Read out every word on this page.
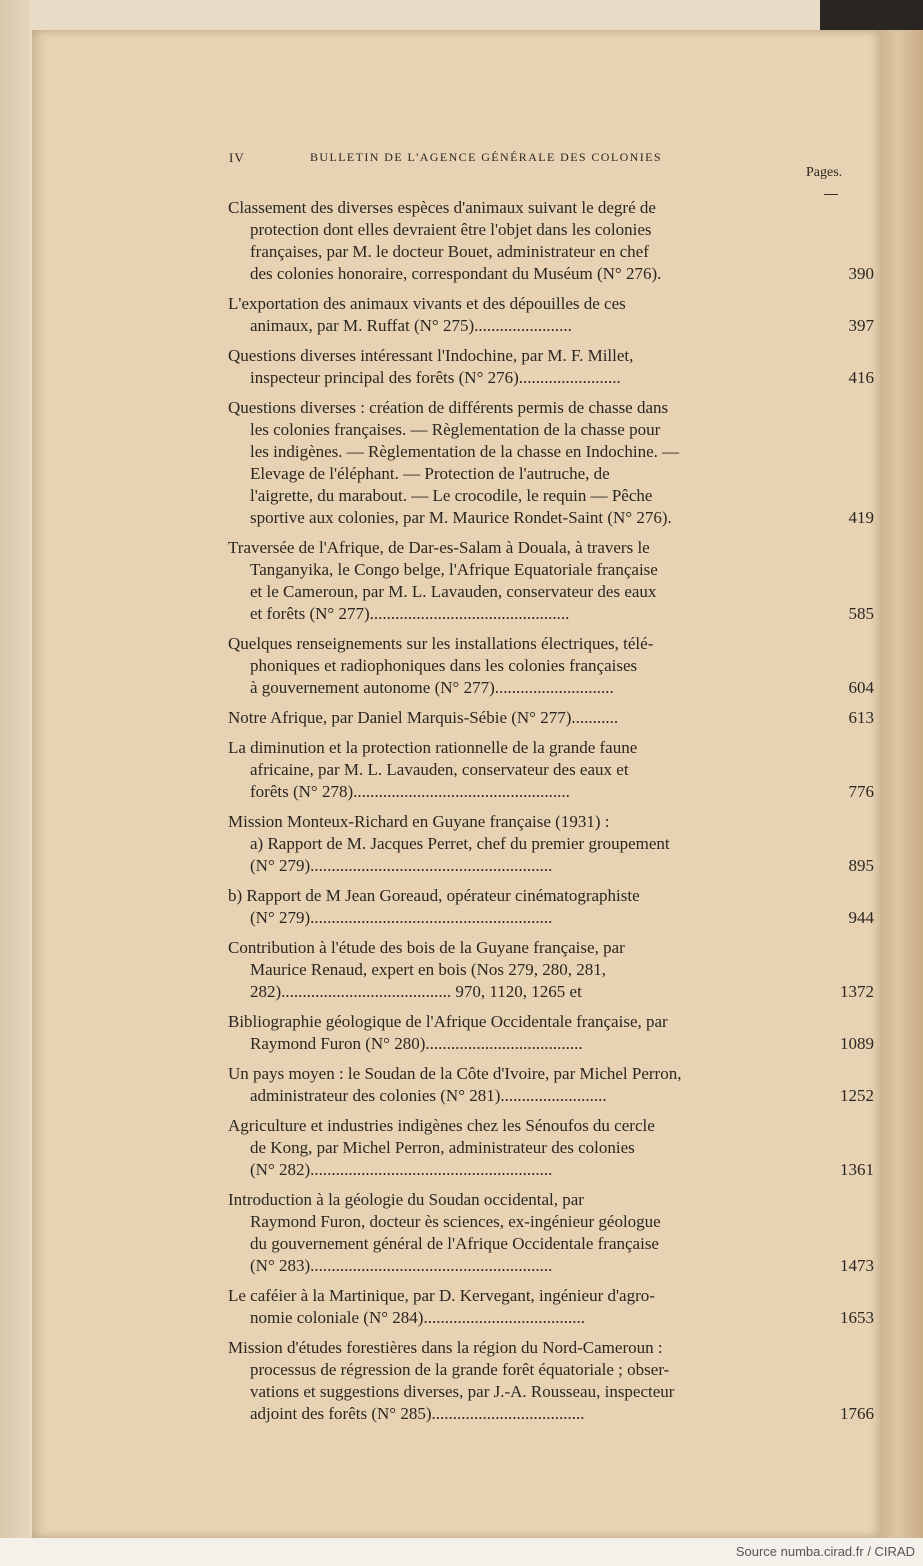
IV	BULLETIN DE L'AGENCE GÉNÉRALE DES COLONIES
Pages.
Classement des diverses espèces d'animaux suivant le degré de
protection dont elles devraient être l'objet dans les colonies
françaises, par M. le docteur Bouet, administrateur en chef
des colonies honoraire, correspondant du Muséum (N° 276).	390
L'exportation des animaux vivants et des dépouilles de ces
animaux, par M. Ruffat (N° 275).......................	397
Questions diverses intéressant l'Indochine, par M. F. Millet,
inspecteur principal des forêts (N° 276)........................	416
Questions diverses : création de différents permis de chasse dans
les colonies françaises. — Règlementation de la chasse pour
les indigènes. — Règlementation de la chasse en Indochine. —
Elevage de l'éléphant. — Protection de l'autruche, de
l'aigrette, du marabout. — Le crocodile, le requin — Pêche
sportive aux colonies, par M. Maurice Rondet-Saint (N° 276).	419
Traversée de l'Afrique, de Dar-es-Salam à Douala, à travers le
Tanganyika, le Congo belge, l'Afrique Equatoriale française
et le Cameroun, par M. L. Lavauden, conservateur des eaux
et forêts (N° 277)...............................................	585
Quelques renseignements sur les installations électriques, télé-
phoniques et radiophoniques dans les colonies françaises
à gouvernement autonome (N° 277)............................	604
Notre Afrique, par Daniel Marquis-Sébie (N° 277)...........	613
La diminution et la protection rationnelle de la grande faune
africaine, par M. L. Lavauden, conservateur des eaux et
forêts (N° 278)...................................................	776
Mission Monteux-Richard en Guyane française (1931) :
a) Rapport de M. Jacques Perret, chef du premier groupement
(N° 279).........................................................	895
b) Rapport de M Jean Goreaud, opérateur cinématographiste
(N° 279).........................................................	944
Contribution à l'étude des bois de la Guyane française, par
Maurice Renaud, expert en bois (Nos 279, 280, 281,
282)........................................ 970, 1120, 1265 et	1372
Bibliographie géologique de l'Afrique Occidentale française, par
Raymond Furon (N° 280).....................................	1089
Un pays moyen : le Soudan de la Côte d'Ivoire, par Michel Perron,
administrateur des colonies (N° 281).........................	1252
Agriculture et industries indigènes chez les Sénoufos du cercle
de Kong, par Michel Perron, administrateur des colonies
(N° 282).........................................................	1361
Introduction à la géologie du Soudan occidental, par
Raymond Furon, docteur ès sciences, ex-ingénieur géologue
du gouvernement général de l'Afrique Occidentale française
(N° 283).........................................................	1473
Le caféier à la Martinique, par D. Kervegant, ingénieur d'agro-
nomie coloniale (N° 284)......................................	1653
Mission d'études forestières dans la région du Nord-Cameroun :
processus de régression de la grande forêt équatoriale ; obser-
vations et suggestions diverses, par J.-A. Rousseau, inspecteur
adjoint des forêts (N° 285)....................................	1766
Source numba.cirad.fr / CIRAD
